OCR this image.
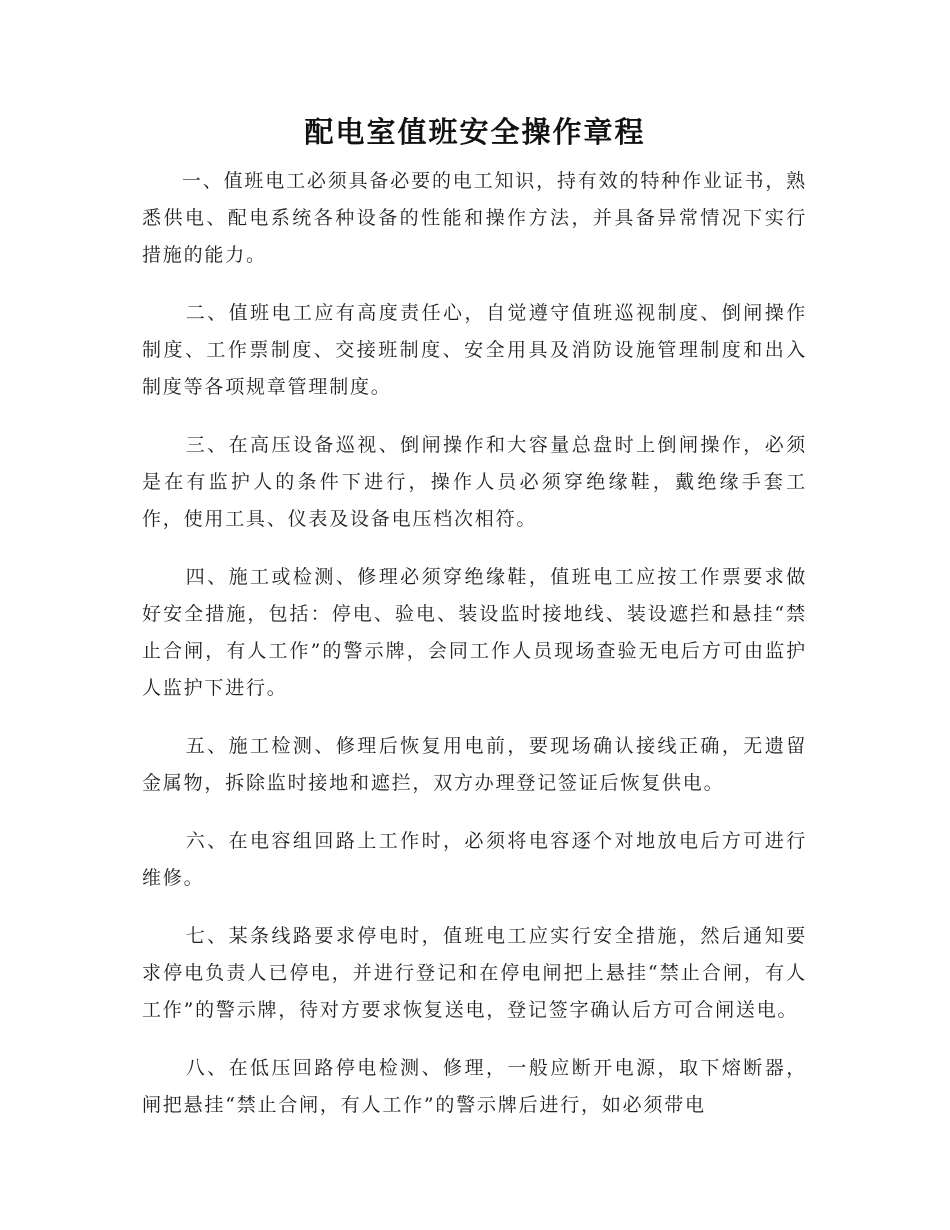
配电室值班安全操作章程

一、值班电工必须具备必要的电工知识，持有效的特种作业证书，熟悉供电、配电系统各种设备的性能和操作方法，并具备异常情况下实行措施的能力。

二、值班电工应有高度责任心，自觉遵守值班巡视制度、倒闸操作制度、工作票制度、交接班制度、安全用具及消防设施管理制度和出入制度等各项规章管理制度。

三、在高压设备巡视、倒闸操作和大容量总盘时上倒闸操作，必须是在有监护人的条件下进行，操作人员必须穿绝缘鞋，戴绝缘手套工作，使用工具、仪表及设备电压档次相符。

四、施工或检测、修理必须穿绝缘鞋，值班电工应按工作票要求做好安全措施，包括：停电、验电、装设监时接地线、装设遮拦和悬挂“禁止合闸，有人工作”的警示牌，会同工作人员现场查验无电后方可由监护人监护下进行。

五、施工检测、修理后恢复用电前，要现场确认接线正确，无遗留金属物，拆除监时接地和遮拦，双方办理登记签证后恢复供电。

六、在电容组回路上工作时，必须将电容逐个对地放电后方可进行维修。

七、某条线路要求停电时，值班电工应实行安全措施，然后通知要求停电负责人已停电，并进行登记和在停电闸把上悬挂“禁止合闸，有人工作”的警示牌，待对方要求恢复送电，登记签字确认后方可合闸送电。

八、在低压回路停电检测、修理，一般应断开电源，取下熔断器，闸把悬挂“禁止合闸，有人工作”的警示牌后进行，如必须带电
